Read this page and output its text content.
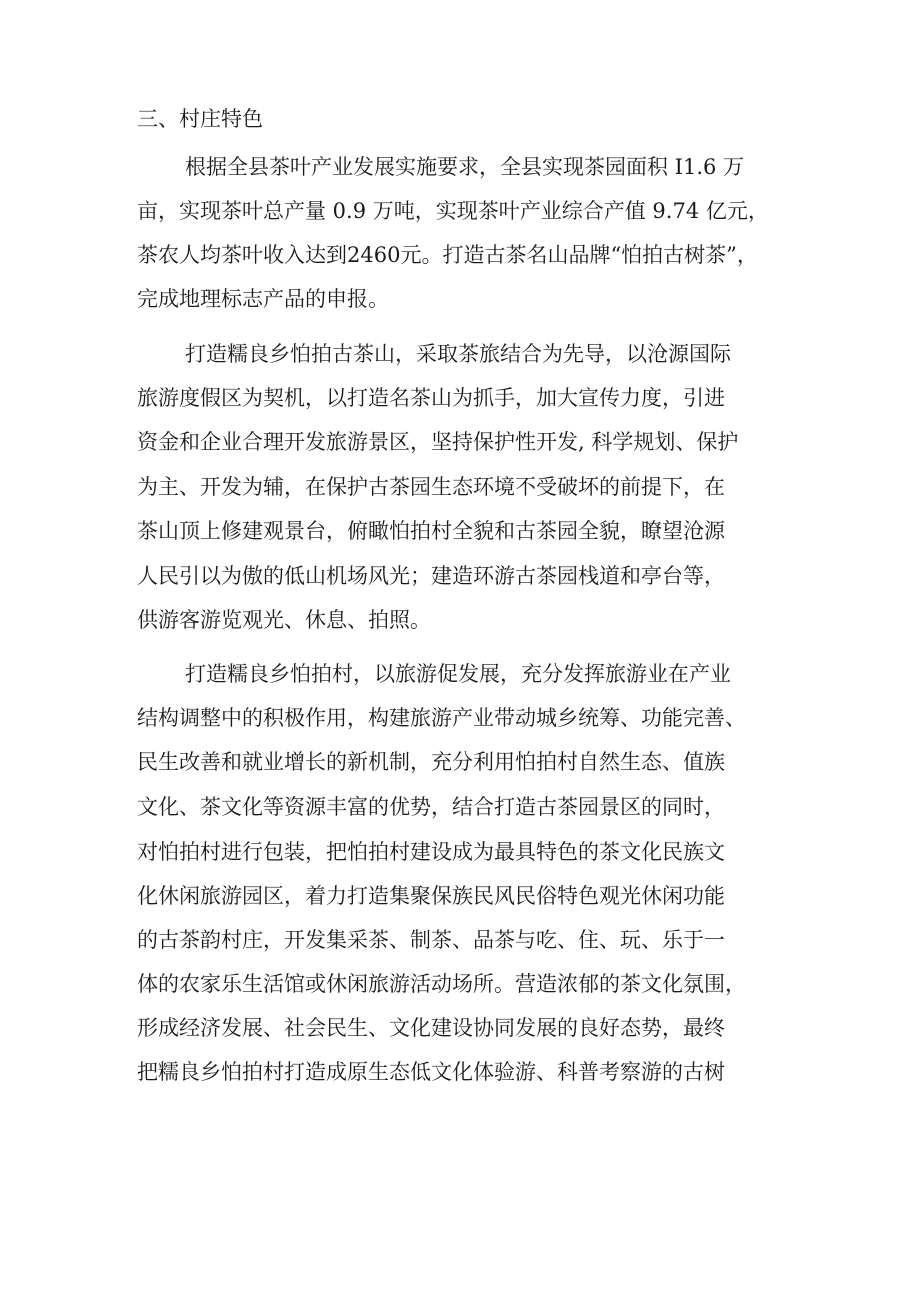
三、村庄特色

根据全县茶叶产业发展实施要求，全县实现茶园面积 I1.6 万

亩，实现茶叶总产量 0.9 万吨，实现茶叶产业综合产值 9.74 亿元，

茶农人均茶叶收入达到2460元。打造古茶名山品牌“怕拍古树茶”，

完成地理标志产品的申报。

打造糯良乡怕拍古茶山，采取茶旅结合为先导，以沧源国际

旅游度假区为契机，以打造名茶山为抓手，加大宣传力度，引进

资金和企业合理开发旅游景区，坚持保护性开发, 科学规划、保护

为主、开发为辅，在保护古茶园生态环境不受破坏的前提下，在

茶山顶上修建观景台，俯瞰怕拍村全貌和古茶园全貌，瞭望沧源

人民引以为傲的低山机场风光；建造环游古茶园栈道和亭台等，

供游客游览观光、休息、拍照。

打造糯良乡怕拍村，以旅游促发展，充分发挥旅游业在产业

结构调整中的积极作用，构建旅游产业带动城乡统筹、功能完善、

民生改善和就业增长的新机制，充分利用怕拍村自然生态、值族

文化、茶文化等资源丰富的优势，结合打造古茶园景区的同时，

对怕拍村进行包装，把怕拍村建设成为最具特色的茶文化民族文

化休闲旅游园区，着力打造集聚保族民风民俗特色观光休闲功能

的古茶韵村庄，开发集采茶、制茶、品茶与吃、住、玩、乐于一

体的农家乐生活馆或休闲旅游活动场所。营造浓郁的茶文化氛围，

形成经济发展、社会民生、文化建设协同发展的良好态势，最终

把糯良乡怕拍村打造成原生态低文化体验游、科普考察游的古树
